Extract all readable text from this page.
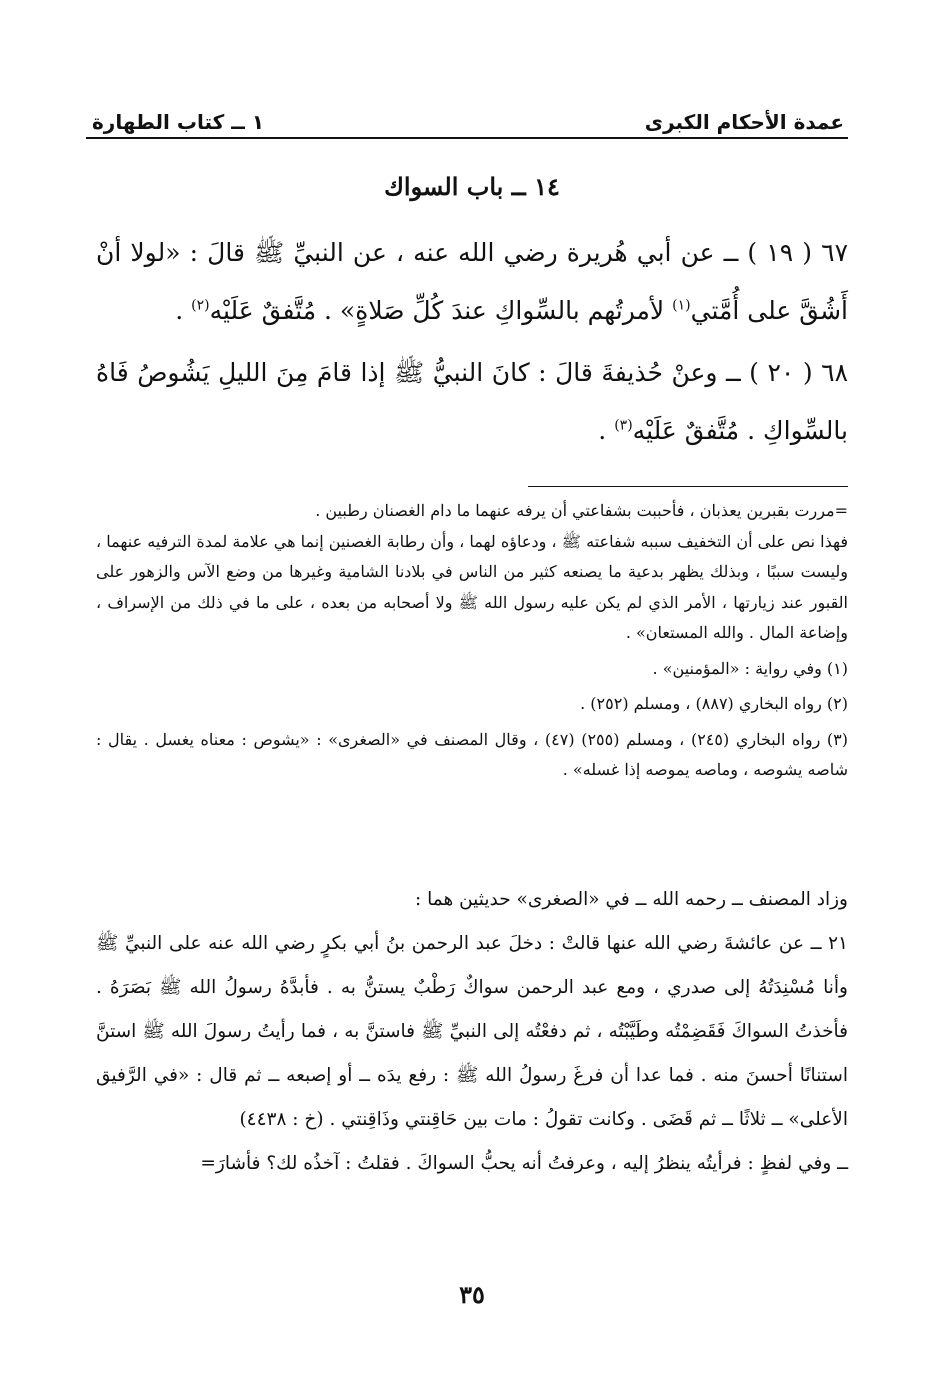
عمدة الأحكام الكبرى
١ ــ كتاب الطهارة
١٤ ــ باب السواك

٦٧ ( ١٩ ) ــ عن أبي هُريرة رضي الله عنه ، عن النبيِّ ﷺ قالَ : «لولا أنْ أَشُقَّ على أُمَّتي$^{(١)}$ لأمرتُهم بالسِّواكِ عندَ كُلِّ صَلاةٍ» . مُتَّفقٌ عَلَيْه$^{(٢)}$ .

٦٨ ( ٢٠ ) ــ وعنْ حُذيفةَ قالَ : كانَ النبيُّ ﷺ إذا قامَ مِنَ الليلِ يَشُوصُ فَاهُ بالسِّواكِ . مُتَّفقٌ عَلَيْه$^{(٣)}$ .

=مررت بقبرين يعذبان ، فأحببت بشفاعتي أن يرفه عنهما ما دام الغصنان رطبين .

فهذا نص على أن التخفيف سببه شفاعته ﷺ ، ودعاؤه لهما ، وأن رطابة الغصنين إنما هي علامة لمدة الترفيه عنهما ، وليست سببًا ، وبذلك يظهر بدعية ما يصنعه كثير من الناس في بلادنا الشامية وغيرها من وضع الآس والزهور على القبور عند زيارتها ، الأمر الذي لم يكن عليه رسول الله ﷺ ولا أصحابه من بعده ، على ما في ذلك من الإسراف ، وإضاعة المال . والله المستعان» .

(١) وفي رواية : «المؤمنين» .

(٢) رواه البخاري (٨٨٧) ، ومسلم (٢٥٢) .

(٣) رواه البخاري (٢٤٥) ، ومسلم (٢٥٥) (٤٧) ، وقال المصنف في «الصغرى» : «يشوص : معناه يغسل . يقال : شاصه يشوصه ، وماصه يموصه إذا غسله» .

وزاد المصنف ــ رحمه الله ــ في «الصغرى» حديثين هما :

٢١ ــ عن عائشةَ رضي الله عنها قالتْ : دخلَ عبد الرحمن بنُ أبي بكرٍ رضي الله عنه على النبيِّ ﷺ وأنا مُسْنِدَتُهُ إلى صدري ، ومع عبد الرحمن سواكٌ رَطْبٌ يستنُّ به . فأبدَّهُ رسولُ الله ﷺ بَصَرَهُ . فأخذتُ السواكَ فَقَضِمْتُه وطَيَّبْتُه ، ثم دفعْتُه إلى النبيِّ ﷺ فاستنَّ به ، فما رأيتُ رسولَ الله ﷺ استنَّ استنانًا أحسنَ منه . فما عدا أن فرغَ رسولُ الله ﷺ : رفع يدَه ــ أو إصبعه ــ ثم قال : «في الرَّفيق الأعلى» ــ ثلاثًا ــ ثم قَضَى . وكانت تقولُ : مات بين حَاقِنتي وذَاقِنتي . (خ : ٤٤٣٨)

ــ وفي لفظٍ : فرأيتُه ينظرُ إليه ، وعرفتُ أنه يحبُّ السواكَ . فقلتُ : آخذُه لك؟ فأشارَ=

٣٥
